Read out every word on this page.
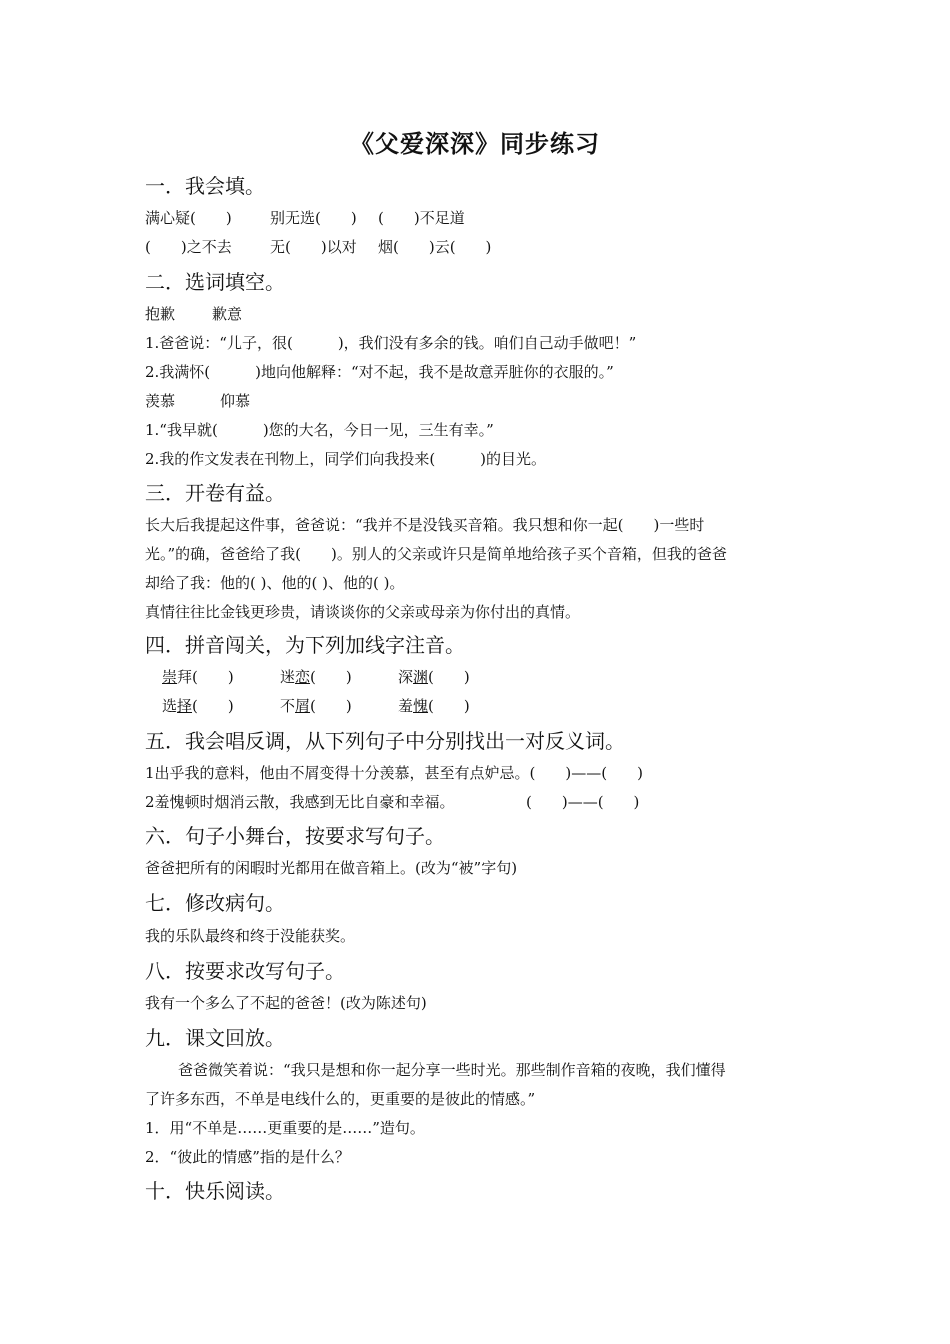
《父爱深深》同步练习
一．我会填。
满心疑(　　)	别无选(　　) (　　)不足道
(　　)之不去	无(　　)以对 烟(　　)云(　　)
二．选词填空。
抱歉 歉意
1.爸爸说：“儿子，很(　　　)，我们没有多余的钱。咱们自己动手做吧！”
2.我满怀(　　　)地向他解释：“对不起，我不是故意弄脏你的衣服的。”
羡慕	仰慕
1.“我早就(　　　)您的大名，今日一见，三生有幸。”
2.我的作文发表在刊物上，同学们向我投来(　　　)的目光。
三．开卷有益。
长大后我提起这件事，爸爸说：“我并不是没钱买音箱。我只想和你一起(　　)一些时
光。”的确，爸爸给了我(　　)。别人的父亲或许只是简单地给孩子买个音箱，但我的爸爸
却给了我：他的( )、他的( )、他的( )。
真情往往比金钱更珍贵，请谈谈你的父亲或母亲为你付出的真情。
四．拼音闯关，为下列加线字注音。
崇拜(　　)	迷恋(　　)	深渊(　　)
选择(　　)	不屑(　　)	羞愧(　　)
五．我会唱反调，从下列句子中分别找出一对反义词。
1出乎我的意料，他由不屑变得十分羡慕，甚至有点妒忌。(　　)——(　　)
2羞愧顿时烟消云散，我感到无比自豪和幸福。	(　　)——(　　)
六．句子小舞台，按要求写句子。
爸爸把所有的闲暇时光都用在做音箱上。(改为“被”字句)
七．修改病句。
我的乐队最终和终于没能获奖。
八．按要求改写句子。
我有一个多么了不起的爸爸！(改为陈述句)
九．课文回放。
爸爸微笑着说：“我只是想和你一起分享一些时光。那些制作音箱的夜晚，我们懂得
了许多东西，不单是电线什么的，更重要的是彼此的情感。”
1．用“不单是……更重要的是……”造句。
2．“彼此的情感”指的是什么？
十．快乐阅读。
